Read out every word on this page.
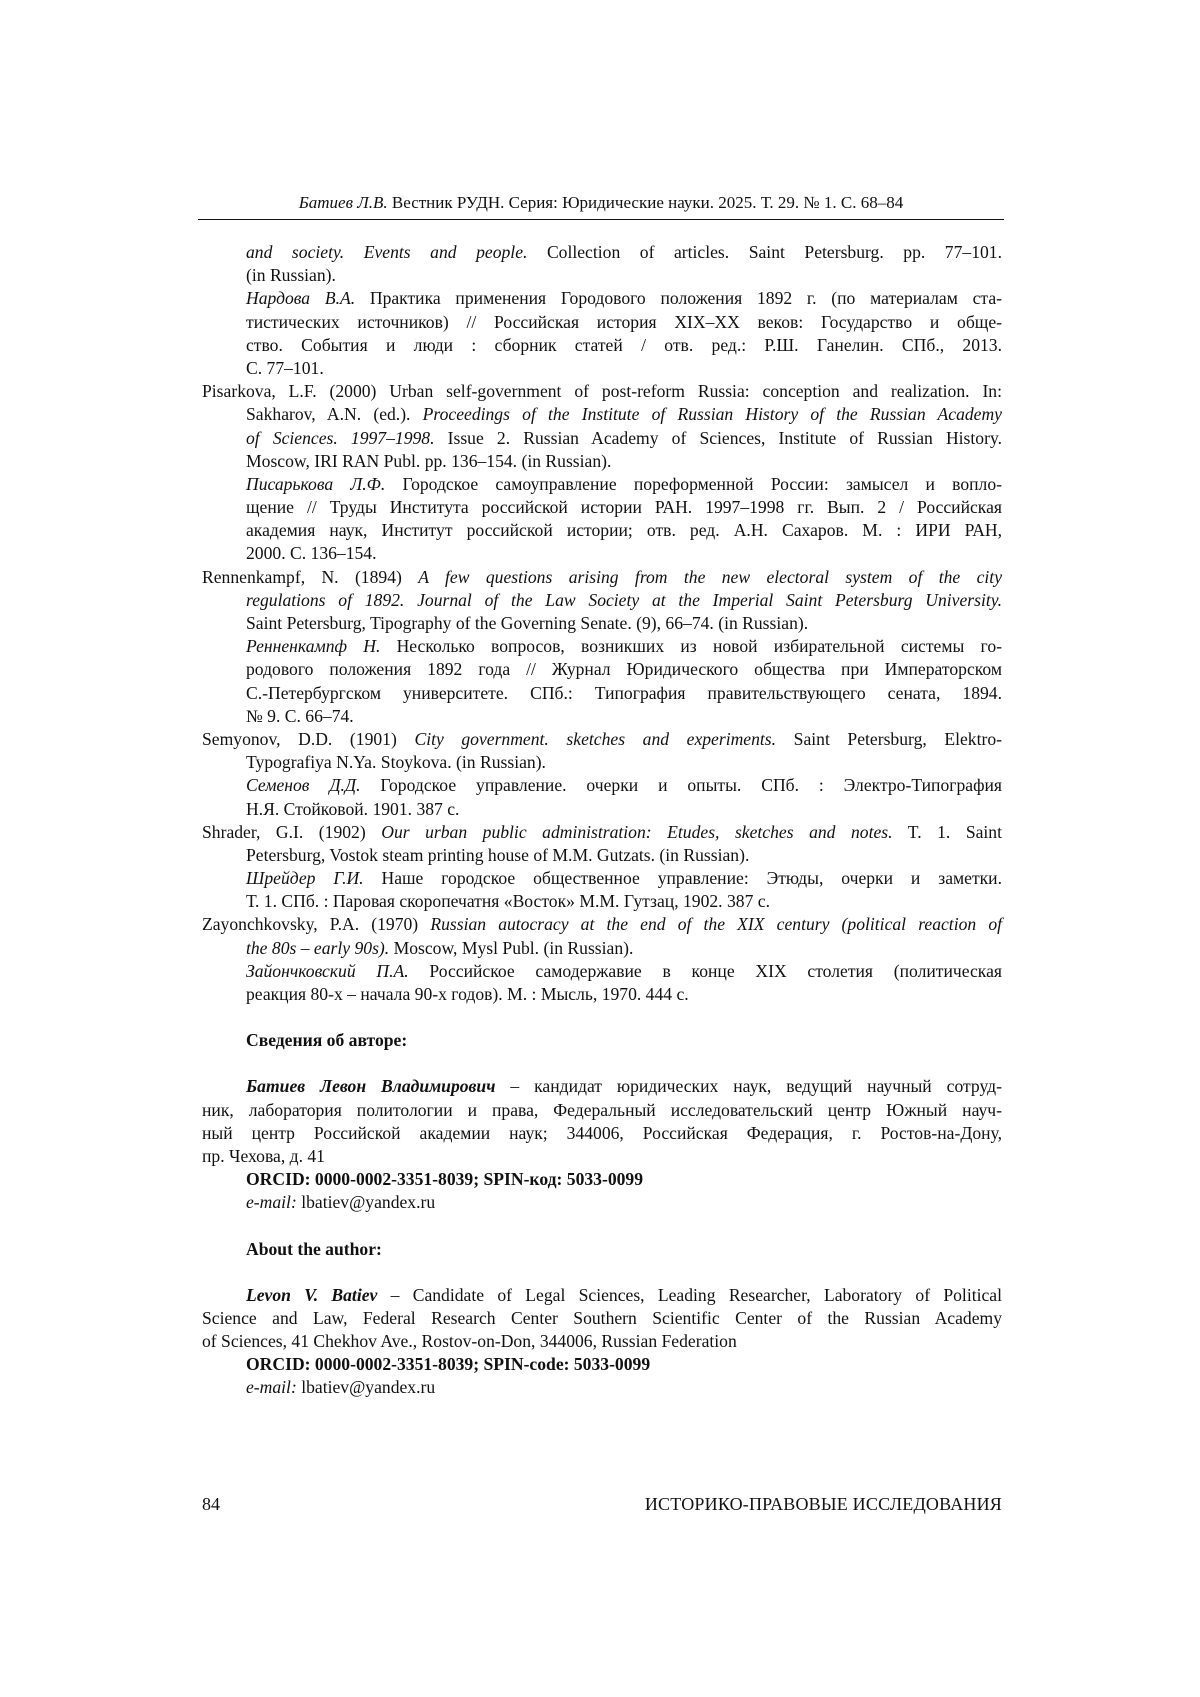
Батиев Л.В. Вестник РУДН. Серия: Юридические науки. 2025. Т. 29. № 1. С. 68–84
and society. Events and people. Collection of articles. Saint Petersburg. pp. 77–101.
(in Russian).
Нардова В.А. Практика применения Городового положения 1892 г. (по материалам ста-
тистических источников) // Российская история XIX–XX веков: Государство и обще-
ство. События и люди : сборник статей / отв. ред.: Р.Ш. Ганелин. СПб., 2013.
С. 77–101.
Pisarkova, L.F. (2000) Urban self-government of post-reform Russia: conception and realization. In:
Sakharov, A.N. (ed.). Proceedings of the Institute of Russian History of the Russian Academy
of Sciences. 1997–1998. Issue 2. Russian Academy of Sciences, Institute of Russian History.
Moscow, IRI RAN Publ. pp. 136–154. (in Russian).
Писарькова Л.Ф. Городское самоуправление пореформенной России: замысел и вопло-
щение // Труды Института российской истории РАН. 1997–1998 гг. Вып. 2 / Российская
академия наук, Институт российской истории; отв. ред. А.Н. Сахаров. М. : ИРИ РАН,
2000. С. 136–154.
Rennenkampf, N. (1894) A few questions arising from the new electoral system of the city
regulations of 1892. Journal of the Law Society at the Imperial Saint Petersburg University.
Saint Petersburg, Tipography of the Governing Senate. (9), 66–74. (in Russian).
Ренненкампф Н. Несколько вопросов, возникших из новой избирательной системы го-
родового положения 1892 года // Журнал Юридического общества при Императорском
С.-Петербургском университете. СПб.: Типография правительствующего сената, 1894.
№ 9. С. 66–74.
Semyonov, D.D. (1901) City government. sketches and experiments. Saint Petersburg, Elektro-
Typografiya N.Ya. Stoykova. (in Russian).
Семенов Д.Д. Городское управление. очерки и опыты. СПб. : Электро-Типография
Н.Я. Стойковой. 1901. 387 с.
Shrader, G.I. (1902) Our urban public administration: Etudes, sketches and notes. T. 1. Saint
Petersburg, Vostok steam printing house of M.M. Gutzats. (in Russian).
Шрейдер Г.И. Наше городское общественное управление: Этюды, очерки и заметки.
Т. 1. СПб. : Паровая скоропечатня «Восток» М.М. Гутзац, 1902. 387 с.
Zayonchkovsky, P.A. (1970) Russian autocracy at the end of the XIX century (political reaction of
the 80s – early 90s). Moscow, Mysl Publ. (in Russian).
Зайончковский П.А. Российское самодержавие в конце XIX столетия (политическая
реакция 80-х – начала 90-х годов). М. : Мысль, 1970. 444 с.
Сведения об авторе:
Батиев Левон Владимирович – кандидат юридических наук, ведущий научный сотруд-
ник, лаборатория политологии и права, Федеральный исследовательский центр Южный науч-
ный центр Российской академии наук; 344006, Российская Федерация, г. Ростов-на-Дону,
пр. Чехова, д. 41
ORCID: 0000-0002-3351-8039; SPIN-код: 5033-0099
e-mail: lbatiev@yandex.ru
About the author:
Levon V. Batiev – Candidate of Legal Sciences, Leading Researcher, Laboratory of Political
Science and Law, Federal Research Center Southern Scientific Center of the Russian Academy
of Sciences, 41 Chekhov Ave., Rostov-on-Don, 344006, Russian Federation
ORCID: 0000-0002-3351-8039; SPIN-code: 5033-0099
e-mail: lbatiev@yandex.ru
84	ИСТОРИКО-ПРАВОВЫЕ ИССЛЕДОВАНИЯ
